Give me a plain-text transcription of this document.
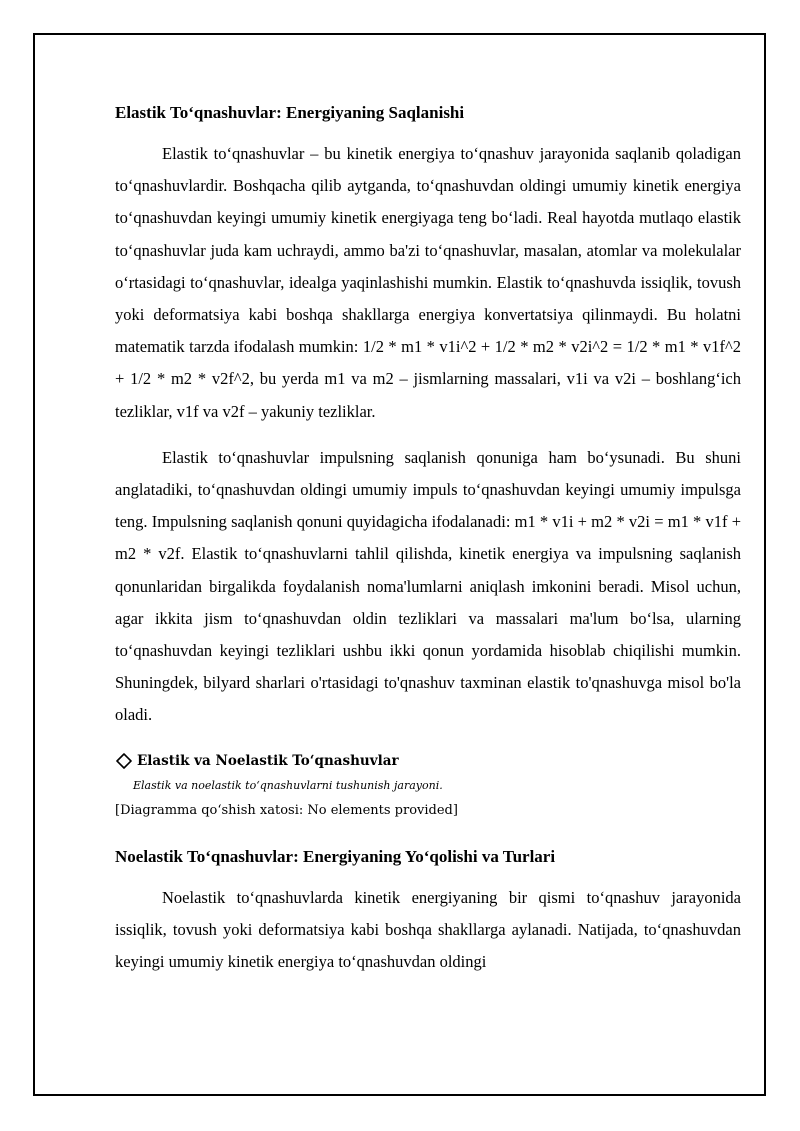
Elastik To‘qnashuvlar: Energiyaning Saqlanishi

Elastik to‘qnashuvlar – bu kinetik energiya to‘qnashuv jarayonida saqlanib qoladigan to‘qnashuvlardir. Boshqacha qilib aytganda, to‘qnashuvdan oldingi umumiy kinetik energiya to‘qnashuvdan keyingi umumiy kinetik energiyaga teng bo‘ladi. Real hayotda mutlaqo elastik to‘qnashuvlar juda kam uchraydi, ammo ba'zi to‘qnashuvlar, masalan, atomlar va molekulalar o‘rtasidagi to‘qnashuvlar, idealga yaqinlashishi mumkin. Elastik to‘qnashuvda issiqlik, tovush yoki deformatsiya kabi boshqa shakllarga energiya konvertatsiya qilinmaydi. Bu holatni matematik tarzda ifodalash mumkin: 1/2 * m1 * v1i^2 + 1/2 * m2 * v2i^2 = 1/2 * m1 * v1f^2 + 1/2 * m2 * v2f^2, bu yerda m1 va m2 – jismlarning massalari, v1i va v2i – boshlang‘ich tezliklar, v1f va v2f – yakuniy tezliklar.

Elastik to‘qnashuvlar impulsning saqlanish qonuniga ham bo‘ysunadi. Bu shuni anglatadiki, to‘qnashuvdan oldingi umumiy impuls to‘qnashuvdan keyingi umumiy impulsga teng. Impulsning saqlanish qonuni quyidagicha ifodalanadi: m1 * v1i + m2 * v2i = m1 * v1f + m2 * v2f. Elastik to‘qnashuvlarni tahlil qilishda, kinetik energiya va impulsning saqlanish qonunlaridan birgalikda foydalanish noma'lumlarni aniqlash imkonini beradi. Misol uchun, agar ikkita jism to‘qnashuvdan oldin tezliklari va massalari ma'lum bo‘lsa, ularning to‘qnashuvdan keyingi tezliklari ushbu ikki qonun yordamida hisoblab chiqilishi mumkin. Shuningdek, bilyard sharlari o'rtasidagi to'qnashuv taxminan elastik to'qnashuvga misol bo'la oladi.

Elastik va Noelastik To‘qnashuvlar
Elastik va noelastik to‘qnashuvlarni tushunish jarayoni.
[Diagramma qo‘shish xatosi: No elements provided]
Noelastik To‘qnashuvlar: Energiyaning Yo‘qolishi va Turlari

Noelastik to‘qnashuvlarda kinetik energiyaning bir qismi to‘qnashuv jarayonida issiqlik, tovush yoki deformatsiya kabi boshqa shakllarga aylanadi. Natijada, to‘qnashuvdan keyingi umumiy kinetik energiya to‘qnashuvdan oldingi
